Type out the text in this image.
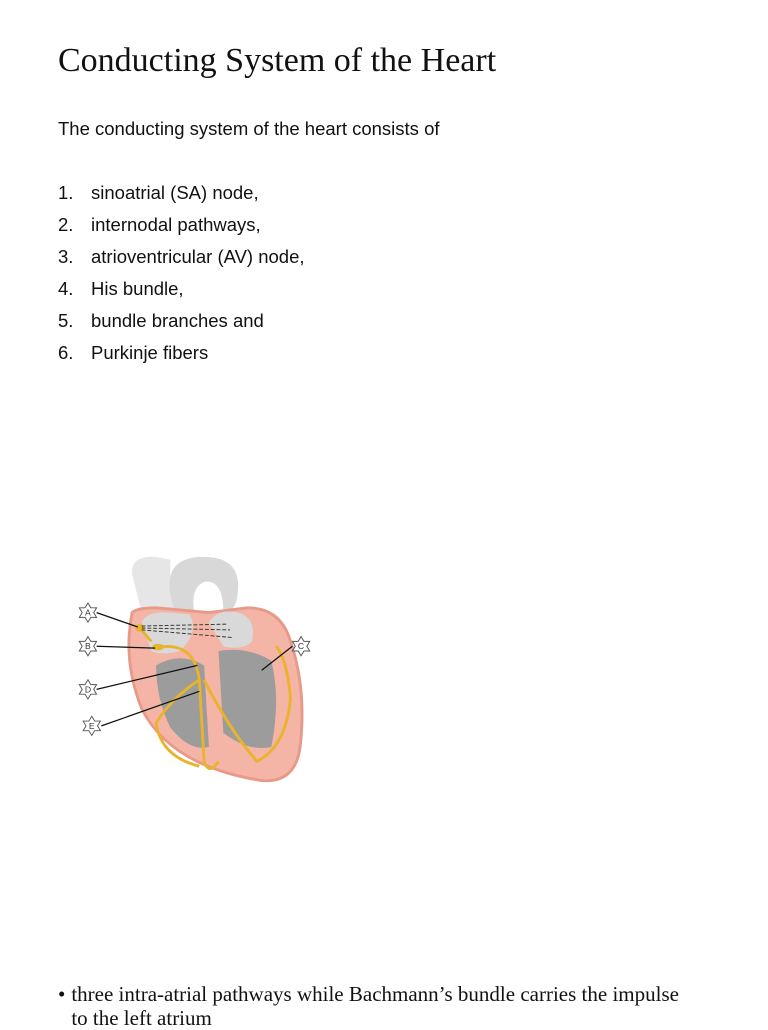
Conducting System of the Heart
The conducting system of the heart consists of
1. sinoatrial (SA) node,
2. internodal pathways,
3. atrioventricular (AV) node,
4. His bundle,
5. bundle branches and
6. Purkinje fibers
A
B	C
D
E
• three intra-atrial pathways while Bachmann’s bundle carries the impulse to the left atrium
